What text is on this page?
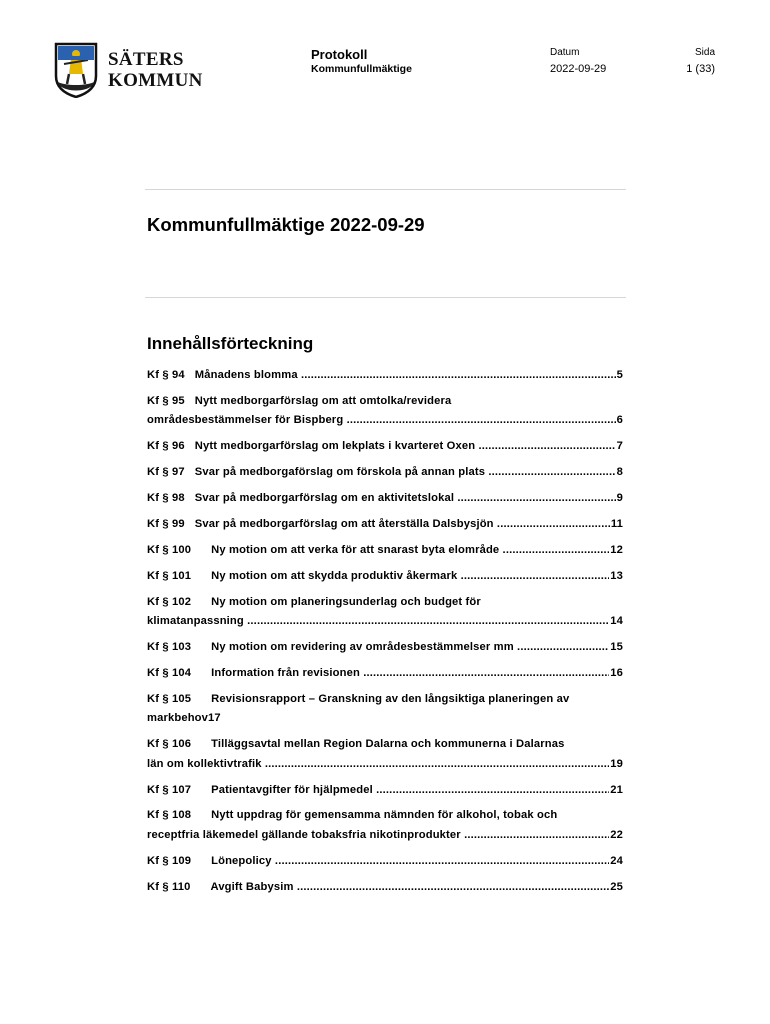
SÄTERS
KOMMUN
Protokoll
Kommunfullmäktige
Datum
2022-09-29
Sida
1 (33)
Kommunfullmäktige 2022-09-29
Innehållsförteckning
5
Kf § 94 Månadens blomma .....
Kf § 95 Nytt medborgarförslag om att omtolka/revidera
6
områdesbestämmelser för Bispberg .....
7
Kf § 96 Nytt medborgarförslag om lekplats i kvarteret Oxen .....
8
Kf § 97 Svar på medborgaförslag om förskola på annan plats .....
9
Kf § 98 Svar på medborgarförslag om en aktivitetslokal .....
11
Kf § 99 Svar på medborgarförslag om att återställa Dalsbysjön .....
12
Kf § 100 Ny motion om att verka för att snarast byta elområde .....
13
Kf § 101 Ny motion om att skydda produktiv åkermark .....
Kf § 102 Ny motion om planeringsunderlag och budget för
14
klimatanpassning .....
15
Kf § 103 Ny motion om revidering av områdesbestämmelser mm .....
16
Kf § 104 Information från revisionen .....
Kf § 105 Revisionsrapport – Granskning av den långsiktiga planeringen av
markbehov17
Kf § 106 Tilläggsavtal mellan Region Dalarna och kommunerna i Dalarnas
19
län om kollektivtrafik .....
21
Kf § 107 Patientavgifter för hjälpmedel .....
Kf § 108 Nytt uppdrag för gemensamma nämnden för alkohol, tobak och
22
receptfria läkemedel gällande tobaksfria nikotinprodukter .....
24
Kf § 109 Lönepolicy .....
25
Kf § 110 Avgift Babysim .....
